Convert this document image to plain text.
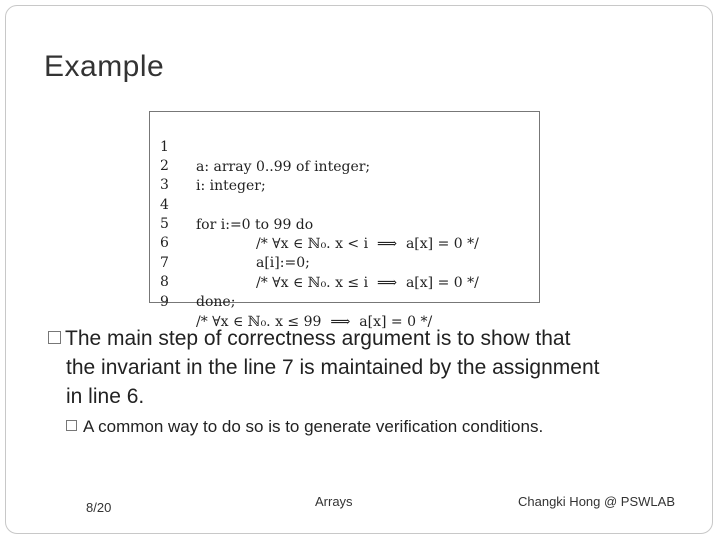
Example

1

a: array 0..99 of integer;

2

i: integer;

3

4

for i:=0 to 99 do

5

/* ∀x ∈ ℕ₀. x < i  ⟹  a[x] = 0 */

6

a[i]:=0;

7

/* ∀x ∈ ℕ₀. x ≤ i  ⟹  a[x] = 0 */

8

done;

9

/* ∀x ∈ ℕ₀. x ≤ 99  ⟹  a[x] = 0 */

The main step of correctness argument is to show that
the invariant in the line 7 is maintained by the assignment
in line 6.
A common way to do so is to generate verification conditions.
8/20	Arrays	Changki Hong @ PSWLAB
